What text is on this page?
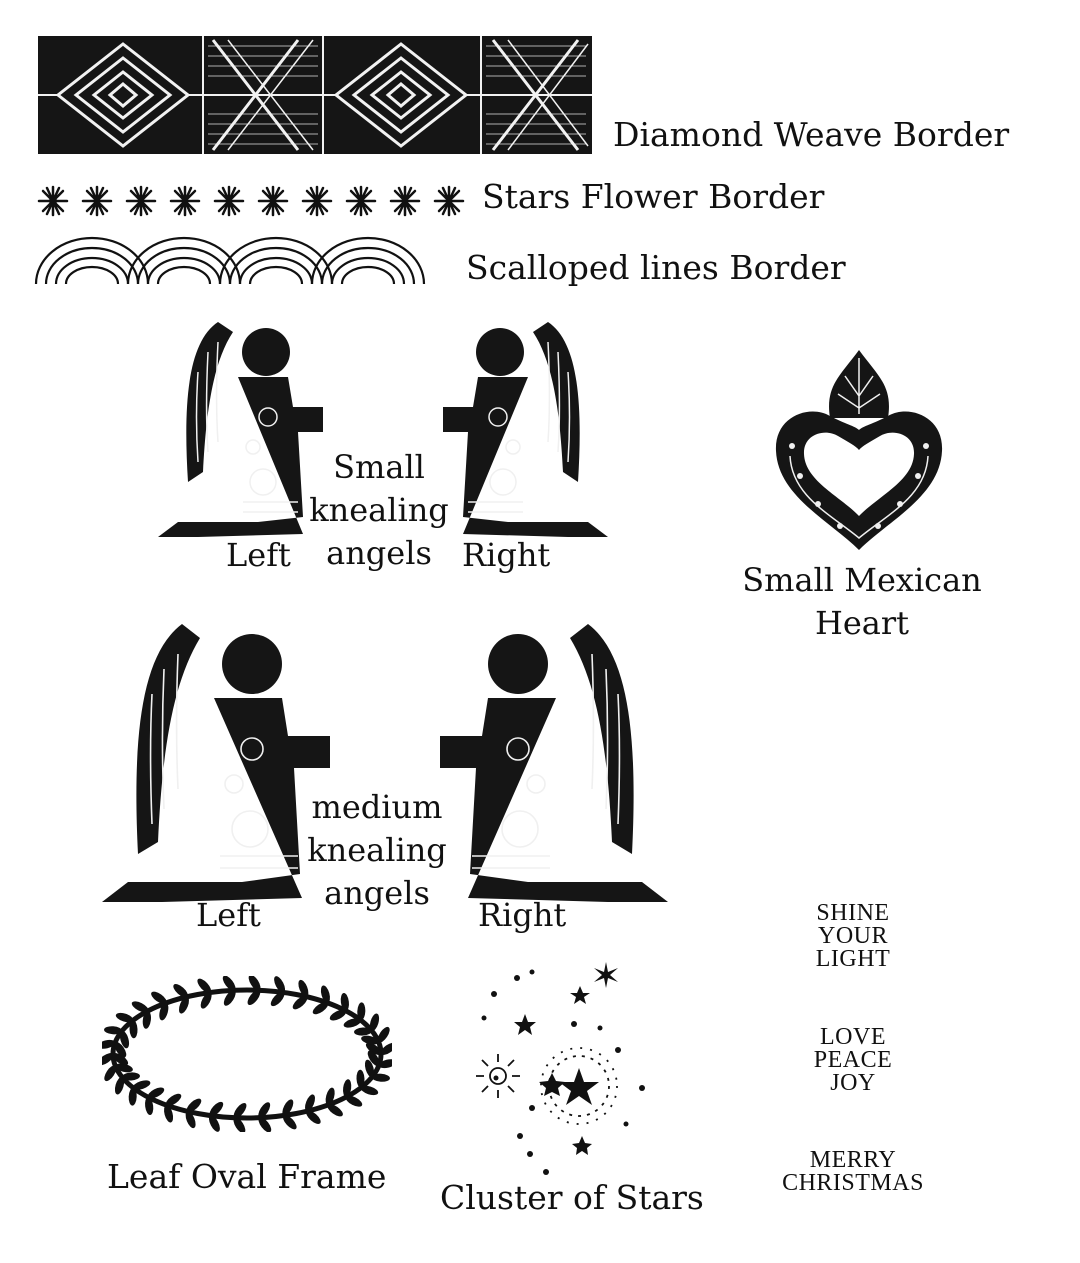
Diamond Weave Border
Stars Flower Border
Scalloped lines Border
Small
knealing
angels
Left	Right
Small Mexican
Heart
medium
knealing
angels
Left	Right	SHINE
YOUR
LIGHT
LOVE
PEACE
JOY
MERRY
CHRISTMAS
Leaf Oval Frame
Cluster of Stars
